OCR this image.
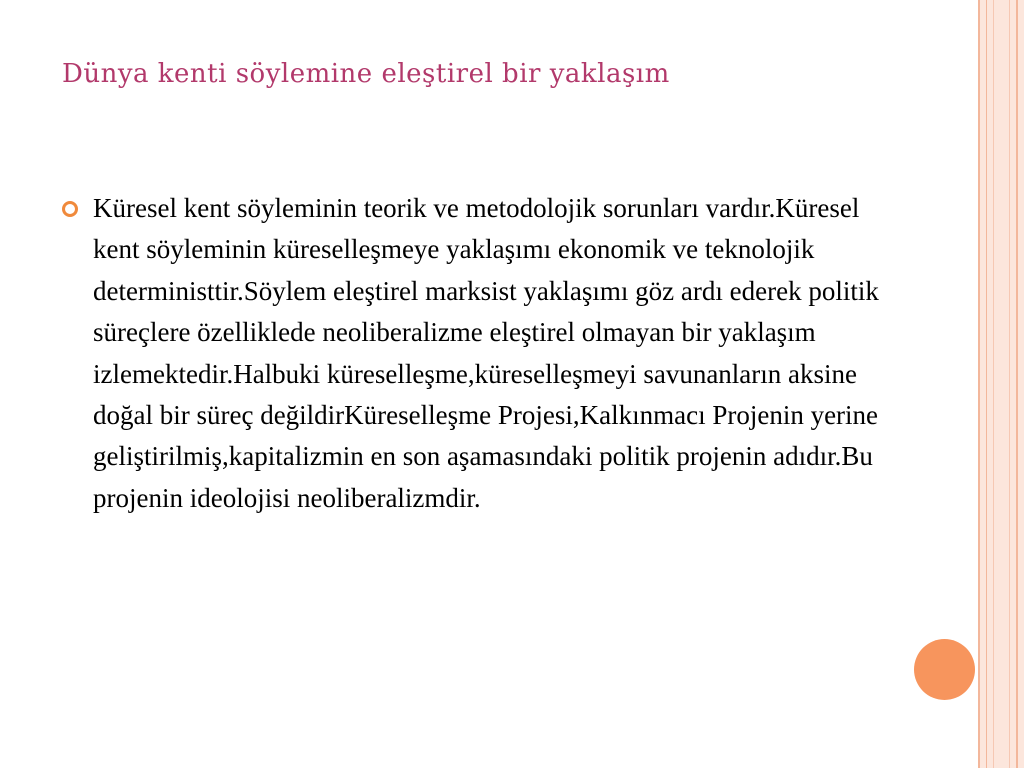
Dünya kenti söylemine eleştirel bir yaklaşım
Küresel kent söyleminin teorik ve metodolojik sorunları vardır.Küresel kent söyleminin küreselleşmeye yaklaşımı ekonomik ve teknolojik deterministtir.Söylem eleştirel marksist yaklaşımı göz ardı ederek politik süreçlere özelliklede neoliberalizme eleştirel olmayan bir yaklaşım izlemektedir.Halbuki küreselleşme,küreselleşmeyi savunanların aksine doğal bir süreç değildirKüreselleşme Projesi,Kalkınmacı Projenin yerine geliştirilmiş,kapitalizmin en son aşamasındaki politik projenin adıdır.Bu projenin ideolojisi neoliberalizmdir.
